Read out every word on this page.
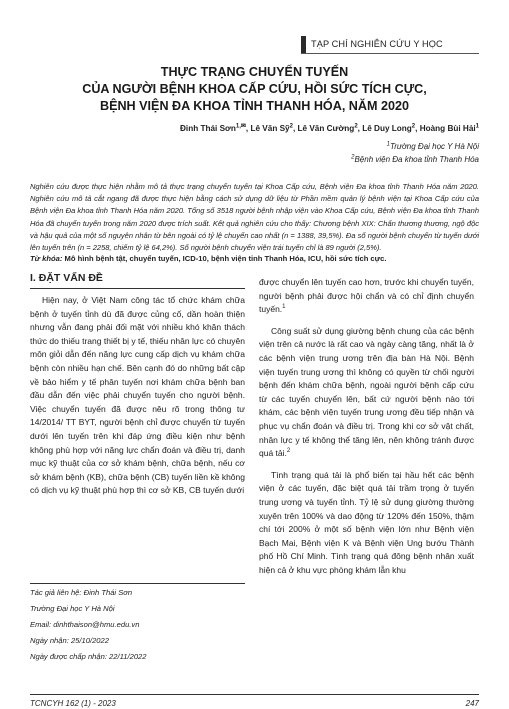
TẠP CHÍ NGHIÊN CỨU Y HỌC
THỰC TRẠNG CHUYỂN TUYẾN
CỦA NGƯỜI BỆNH KHOA CẤP CỨU, HỒI SỨC TÍCH CỰC,
BỆNH VIỆN ĐA KHOA TỈNH THANH HÓA, NĂM 2020
Đinh Thái Sơn$^{1,✉}$, Lê Văn Sỹ$^2$, Lê Văn Cường$^2$, Lê Duy Long$^2$, Hoàng Bùi Hải$^1$
$^1$Trường Đại học Y Hà Nội
$^2$Bệnh viện Đa khoa tỉnh Thanh Hóa

Nghiên cứu được thực hiện nhằm mô tả thực trạng chuyển tuyến tại Khoa Cấp cứu, Bệnh viện Đa khoa tỉnh Thanh Hóa năm 2020. Nghiên cứu mô tả cắt ngang đã được thực hiện bằng cách sử dụng dữ liệu từ Phần mềm quản lý bệnh viện tại Khoa Cấp cứu của Bệnh viện Đa khoa tỉnh Thanh Hóa năm 2020. Tổng số 3518 người bệnh nhập viện vào Khoa Cấp cứu, Bệnh viện Đa khoa tỉnh Thanh Hóa đã chuyển tuyến trong năm 2020 được trích suất. Kết quả nghiên cứu cho thấy: Chương bệnh XIX: Chấn thương thương, ngộ độc và hậu quả của một số nguyên nhân từ bên ngoài có tỷ lệ chuyển cao nhất (n = 1388, 39,5%). Đa số người bệnh chuyển từ tuyến dưới lên tuyến trên (n = 2258, chiếm tỷ lệ 64,2%). Số người bệnh chuyển viện trái tuyến chỉ là 89 người (2,5%).

Từ khóa: Mô hình bệnh tật, chuyển tuyến, ICD-10, bệnh viện tỉnh Thanh Hóa, ICU, hồi sức tích cực.
I. ĐẶT VẤN ĐỀ

Hiện nay, ở Việt Nam công tác tổ chức khám chữa bệnh ở tuyến tỉnh dù đã được củng cố, dần hoàn thiện nhưng vẫn đang phải đối mặt với nhiều khó khăn thách thức do thiếu trang thiết bị y tế, thiếu nhân lực có chuyên môn giỏi dẫn đến năng lực cung cấp dịch vụ khám chữa bệnh còn nhiều hạn chế. Bên cạnh đó do những bất cập về bảo hiểm y tế phân tuyến nơi khám chữa bệnh ban đầu dẫn đến việc phải chuyển tuyến cho người bệnh. Việc chuyển tuyến đã được nêu rõ trong thông tư 14/2014/ TT BYT, người bệnh chỉ được chuyển từ tuyến dưới lên tuyến trên khi đáp ứng điều kiện như bệnh không phù hợp với năng lực chẩn đoán và điều trị, danh mục kỹ thuật của cơ sở khám bệnh, chữa bệnh, nếu cơ sở khám bệnh (KB), chữa bệnh (CB) tuyến liền kề không có dịch vụ kỹ thuật phù hợp thì cơ sở KB, CB tuyến dưới

được chuyển lên tuyến cao hơn, trước khi chuyển tuyến, người bệnh phải được hội chẩn và có chỉ định chuyển tuyến.$^1$

Công suất sử dụng giường bệnh chung của các bệnh viện trên cả nước là rất cao và ngày càng tăng, nhất là ở các bệnh viện trung ương trên địa bàn Hà Nội. Bệnh viện tuyến trung ương thì không có quyền từ chối người bệnh đến khám chữa bệnh, ngoài người bệnh cấp cứu từ các tuyến chuyển lên, bất cứ người bệnh nào tới khám, các bệnh viện tuyến trung ương đều tiếp nhận và phục vụ chẩn đoán và điều trị. Trong khi cơ sở vật chất, nhân lực y tế không thể tăng lên, nên không tránh được quá tải.$^2$

Tình trạng quá tải là phổ biến tại hầu hết các bệnh viện ở các tuyến, đặc biệt quá tải trầm trọng ở tuyến trung ương và tuyến tỉnh. Tỷ lệ sử dụng giường thường xuyên trên 100% và dao động từ 120% đến 150%, thậm chí tới 200% ở một số bệnh viện lớn như Bệnh viện Bạch Mai, Bệnh viện K và Bệnh viện Ung bướu Thành phố Hồ Chí Minh. Tình trạng quá đông bệnh nhân xuất hiện cả ở khu vực phòng khám lẫn khu

Tác giả liên hệ: Đinh Thái Sơn
Trường Đại học Y Hà Nội
Email: dinhthaison@hmu.edu.vn
Ngày nhận: 25/10/2022
Ngày được chấp nhận: 22/11/2022
TCNCYH 162 (1) - 2023	247
